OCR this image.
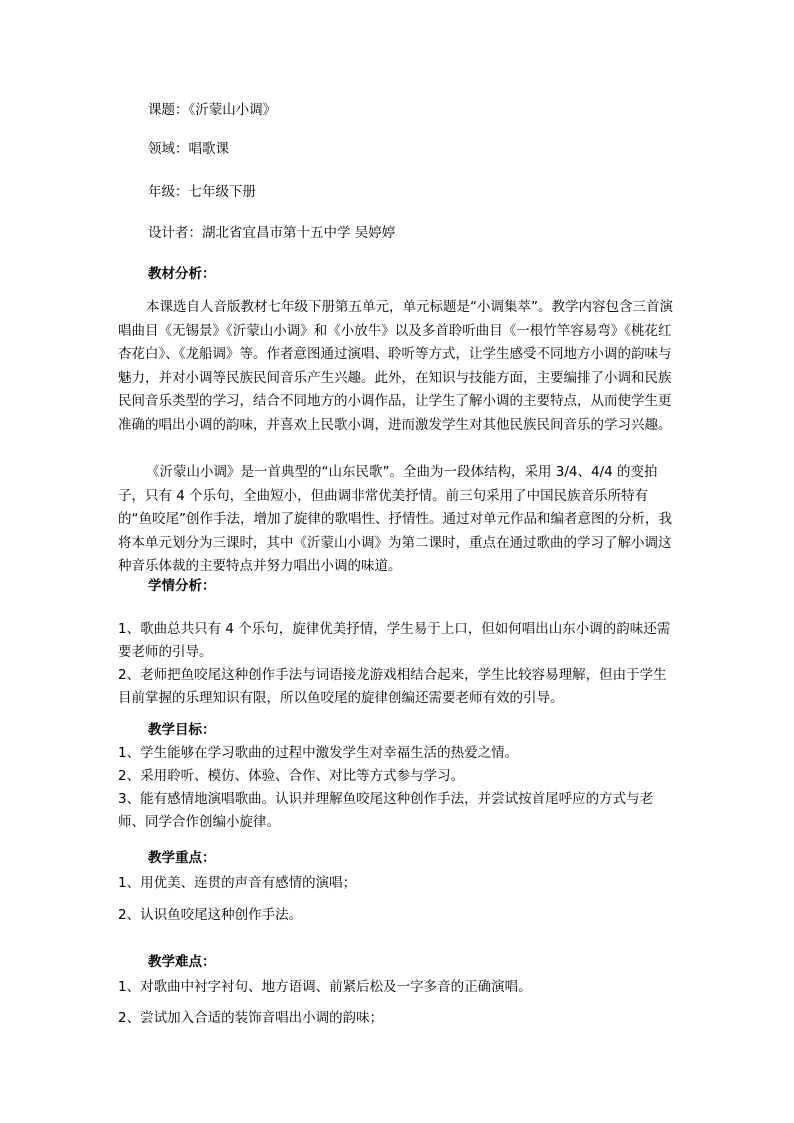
课题：《沂蒙山小调》
领域：唱歌课
年级：七年级下册
设计者：湖北省宜昌市第十五中学 吴婷婷
教材分析：

本课选自人音版教材七年级下册第五单元，单元标题是“小调集萃”。教学内容包含三首演唱曲目《无锡景》《沂蒙山小调》和《小放牛》以及多首聆听曲目《一根竹竿容易弯》《桃花红杏花白》、《龙船调》等。作者意图通过演唱、聆听等方式，让学生感受不同地方小调的韵味与魅力，并对小调等民族民间音乐产生兴趣。此外，在知识与技能方面，主要编排了小调和民族民间音乐类型的学习，结合不同地方的小调作品，让学生了解小调的主要特点，从而使学生更准确的唱出小调的韵味，并喜欢上民歌小调，进而激发学生对其他民族民间音乐的学习兴趣。

《沂蒙山小调》是一首典型的“山东民歌”。全曲为一段体结构，采用 3/4、4/4 的变拍子，只有 4 个乐句，全曲短小，但曲调非常优美抒情。前三句采用了中国民族音乐所特有的“鱼咬尾”创作手法，增加了旋律的歌唱性、抒情性。通过对单元作品和编者意图的分析，我将本单元划分为三课时，其中《沂蒙山小调》为第二课时，重点在通过歌曲的学习了解小调这种音乐体裁的主要特点并努力唱出小调的味道。

学情分析：

1、歌曲总共只有 4 个乐句，旋律优美抒情，学生易于上口，但如何唱出山东小调的韵味还需要老师的引导。

2、老师把鱼咬尾这种创作手法与词语接龙游戏相结合起来，学生比较容易理解，但由于学生目前掌握的乐理知识有限，所以鱼咬尾的旋律创编还需要老师有效的引导。

教学目标：

1、学生能够在学习歌曲的过程中激发学生对幸福生活的热爱之情。

2、采用聆听、模仿、体验、合作、对比等方式参与学习。

3、能有感情地演唱歌曲。认识并理解鱼咬尾这种创作手法，并尝试按首尾呼应的方式与老师、同学合作创编小旋律。

教学重点：

1、用优美、连贯的声音有感情的演唱；

2、认识鱼咬尾这种创作手法。

教学难点：

1、对歌曲中衬字衬句、地方语调、前紧后松及一字多音的正确演唱。

2、尝试加入合适的装饰音唱出小调的韵味；
